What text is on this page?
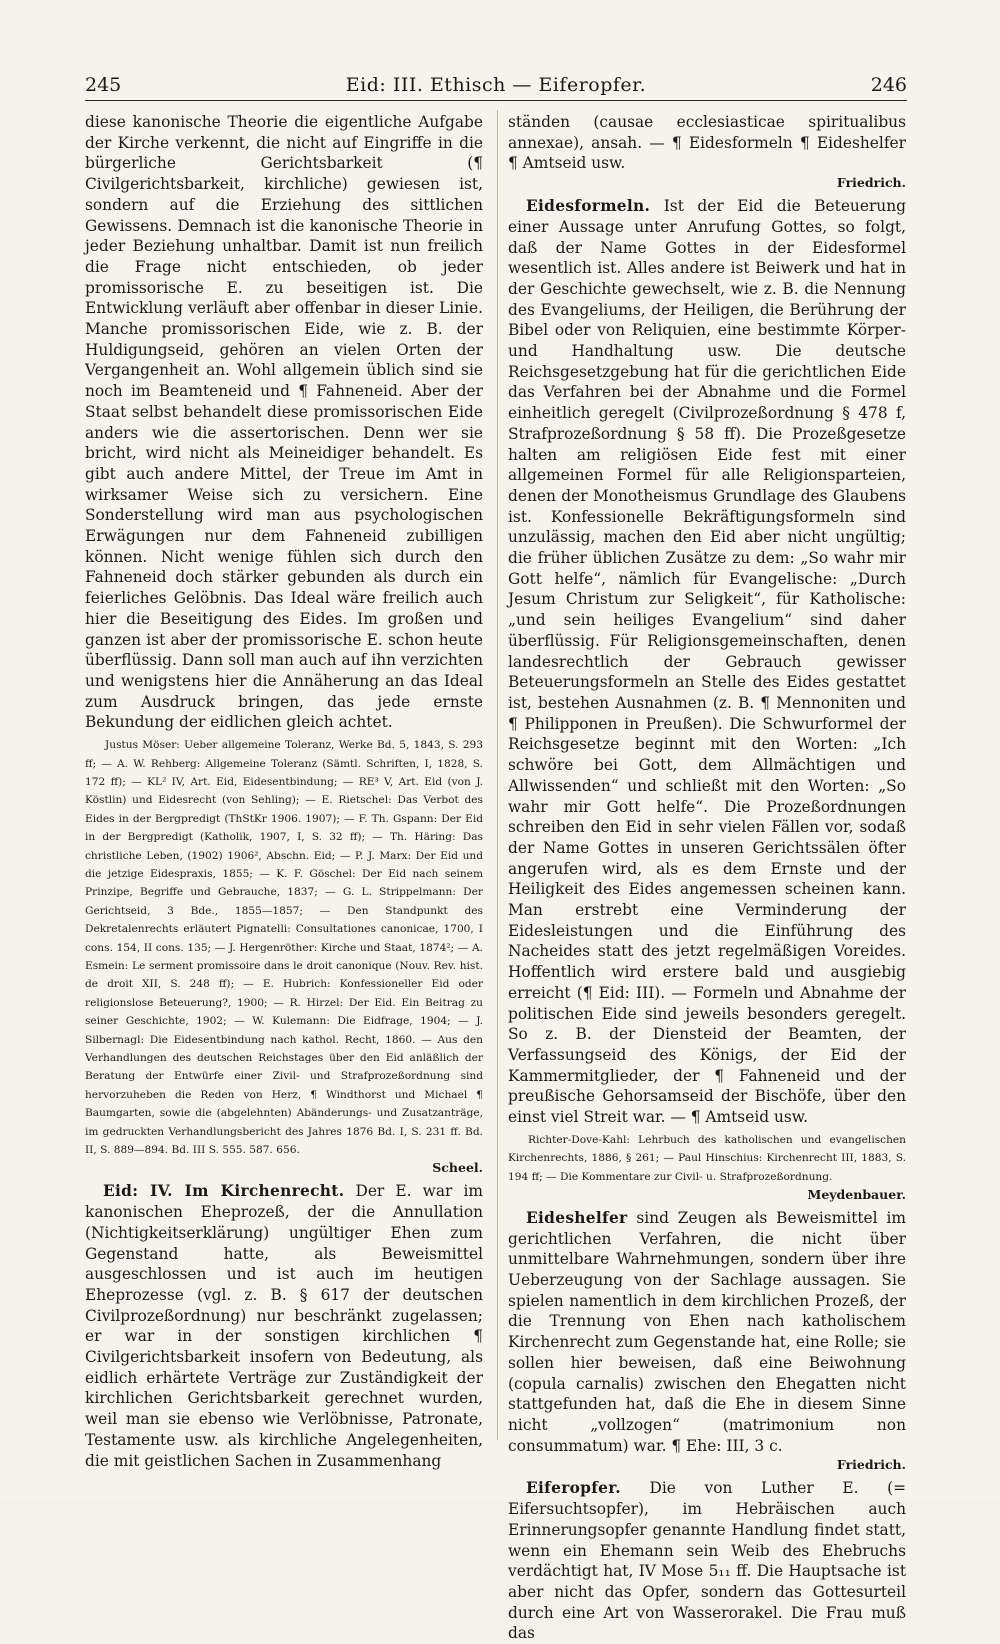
245	Eid: III. Ethisch — Eiferopfer.	246

diese kanonische Theorie die eigentliche Aufgabe der Kirche verkennt, die nicht auf Eingriffe in die bürgerliche Gerichtsbarkeit (¶ Civilgerichtsbarkeit, kirchliche) gewiesen ist, sondern auf die Erziehung des sittlichen Gewissens. Demnach ist die kanonische Theorie in jeder Beziehung unhaltbar. Damit ist nun freilich die Frage nicht entschieden, ob jeder promissorische E. zu beseitigen ist. Die Entwicklung verläuft aber offenbar in dieser Linie. Manche promissorischen Eide, wie z. B. der Huldigungseid, gehören an vielen Orten der Vergangenheit an. Wohl allgemein üblich sind sie noch im Beamteneid und ¶ Fahneneid. Aber der Staat selbst behandelt diese promissorischen Eide anders wie die assertorischen. Denn wer sie bricht, wird nicht als Meineidiger behandelt. Es gibt auch andere Mittel, der Treue im Amt in wirksamer Weise sich zu versichern. Eine Sonderstellung wird man aus psychologischen Erwägungen nur dem Fahneneid zubilligen können. Nicht wenige fühlen sich durch den Fahneneid doch stärker gebunden als durch ein feierliches Gelöbnis. Das Ideal wäre freilich auch hier die Beseitigung des Eides. Im großen und ganzen ist aber der promissorische E. schon heute überflüssig. Dann soll man auch auf ihn verzichten und wenigstens hier die Annäherung an das Ideal zum Ausdruck bringen, das jede ernste Bekundung der eidlichen gleich achtet.

Justus Möser: Ueber allgemeine Toleranz, Werke Bd. 5, 1843, S. 293 ff; — A. W. Rehberg: Allgemeine Toleranz (Sämtl. Schriften, I, 1828, S. 172 ff); — KL² IV, Art. Eid, Eidesentbindung; — RE³ V, Art. Eid (von J. Köstlin) und Eidesrecht (von Sehling); — E. Rietschel: Das Verbot des Eides in der Bergpredigt (ThStKr 1906. 1907); — F. Th. Gspann: Der Eid in der Bergpredigt (Katholik, 1907, I, S. 32 ff); — Th. Häring: Das christliche Leben, (1902) 1906², Abschn. Eid; — P. J. Marx: Der Eid und die jetzige Eidespraxis, 1855; — K. F. Göschel: Der Eid nach seinem Prinzipe, Begriffe und Gebrauche, 1837; — G. L. Strippelmann: Der Gerichtseid, 3 Bde., 1855—1857; — Den Standpunkt des Dekretalenrechts erläutert Pignatelli: Consultationes canonicae, 1700, I cons. 154, II cons. 135; — J. Hergenröther: Kirche und Staat, 1874²; — A. Esmein: Le serment promissoire dans le droit canonique (Nouv. Rev. hist. de droit XII, S. 248 ff); — E. Hubrich: Konfessioneller Eid oder religionslose Beteuerung?, 1900; — R. Hirzel: Der Eid. Ein Beitrag zu seiner Geschichte, 1902; — W. Kulemann: Die Eidfrage, 1904; — J. Silbernagl: Die Eidesentbindung nach kathol. Recht, 1860. — Aus den Verhandlungen des deutschen Reichstages über den Eid anläßlich der Beratung der Entwürfe einer Zivil- und Strafprozeßordnung sind hervorzuheben die Reden von Herz, ¶ Windthorst und Michael ¶ Baumgarten, sowie die (abgelehnten) Abänderungs- und Zusatzanträge, im gedruckten Verhandlungsbericht des Jahres 1876 Bd. I, S. 231 ff. Bd. II, S. 889—894. Bd. III S. 555. 587. 656.

Scheel.

Eid: IV. Im Kirchenrecht. Der E. war im kanonischen Eheprozeß, der die Annullation (Nichtigkeitserklärung) ungültiger Ehen zum Gegenstand hatte, als Beweismittel ausgeschlossen und ist auch im heutigen Eheprozesse (vgl. z. B. § 617 der deutschen Civilprozeßordnung) nur beschränkt zugelassen; er war in der sonstigen kirchlichen ¶ Civilgerichtsbarkeit insofern von Bedeutung, als eidlich erhärtete Verträge zur Zuständigkeit der kirchlichen Gerichtsbarkeit gerechnet wurden, weil man sie ebenso wie Verlöbnisse, Patronate, Testamente usw. als kirchliche Angelegenheiten, die mit geistlichen Sachen in Zusammenhang

ständen (causae ecclesiasticae spiritualibus annexae), ansah. — ¶ Eidesformeln ¶ Eideshelfer ¶ Amtseid usw.

Friedrich.

Eidesformeln. Ist der Eid die Beteuerung einer Aussage unter Anrufung Gottes, so folgt, daß der Name Gottes in der Eidesformel wesentlich ist. Alles andere ist Beiwerk und hat in der Geschichte gewechselt, wie z. B. die Nennung des Evangeliums, der Heiligen, die Berührung der Bibel oder von Reliquien, eine bestimmte Körper- und Handhaltung usw. Die deutsche Reichsgesetzgebung hat für die gerichtlichen Eide das Verfahren bei der Abnahme und die Formel einheitlich geregelt (Civilprozeßordnung § 478 f, Strafprozeßordnung § 58 ff). Die Prozeßgesetze halten am religiösen Eide fest mit einer allgemeinen Formel für alle Religionsparteien, denen der Monotheismus Grundlage des Glaubens ist. Konfessionelle Bekräftigungsformeln sind unzulässig, machen den Eid aber nicht ungültig; die früher üblichen Zusätze zu dem: „So wahr mir Gott helfe“, nämlich für Evangelische: „Durch Jesum Christum zur Seligkeit“, für Katholische: „und sein heiliges Evangelium“ sind daher überflüssig. Für Religionsgemeinschaften, denen landesrechtlich der Gebrauch gewisser Beteuerungsformeln an Stelle des Eides gestattet ist, bestehen Ausnahmen (z. B. ¶ Mennoniten und ¶ Philipponen in Preußen). Die Schwurformel der Reichsgesetze beginnt mit den Worten: „Ich schwöre bei Gott, dem Allmächtigen und Allwissenden“ und schließt mit den Worten: „So wahr mir Gott helfe“. Die Prozeßordnungen schreiben den Eid in sehr vielen Fällen vor, sodaß der Name Gottes in unseren Gerichtssälen öfter angerufen wird, als es dem Ernste und der Heiligkeit des Eides angemessen scheinen kann. Man erstrebt eine Verminderung der Eidesleistungen und die Einführung des Nacheides statt des jetzt regelmäßigen Voreides. Hoffentlich wird erstere bald und ausgiebig erreicht (¶ Eid: III). — Formeln und Abnahme der politischen Eide sind jeweils besonders geregelt. So z. B. der Diensteid der Beamten, der Verfassungseid des Königs, der Eid der Kammermitglieder, der ¶ Fahneneid und der preußische Gehorsamseid der Bischöfe, über den einst viel Streit war. — ¶ Amtseid usw.

Richter-Dove-Kahl: Lehrbuch des katholischen und evangelischen Kirchenrechts, 1886, § 261; — Paul Hinschius: Kirchenrecht III, 1883, S. 194 ff; — Die Kommentare zur Civil- u. Strafprozeßordnung.

Meydenbauer.

Eideshelfer sind Zeugen als Beweismittel im gerichtlichen Verfahren, die nicht über unmittelbare Wahrnehmungen, sondern über ihre Ueberzeugung von der Sachlage aussagen. Sie spielen namentlich in dem kirchlichen Prozeß, der die Trennung von Ehen nach katholischem Kirchenrecht zum Gegenstande hat, eine Rolle; sie sollen hier beweisen, daß eine Beiwohnung (copula carnalis) zwischen den Ehegatten nicht stattgefunden hat, daß die Ehe in diesem Sinne nicht „vollzogen“ (matrimonium non consummatum) war. ¶ Ehe: III, 3 c.

Friedrich.

Eiferopfer. Die von Luther E. (= Eifersuchtsopfer), im Hebräischen auch Erinnerungsopfer genannte Handlung findet statt, wenn ein Ehemann sein Weib des Ehebruchs verdächtigt hat, IV Mose 5₁₁ ff. Die Hauptsache ist aber nicht das Opfer, sondern das Gottesurteil durch eine Art von Wasserorakel. Die Frau muß das
